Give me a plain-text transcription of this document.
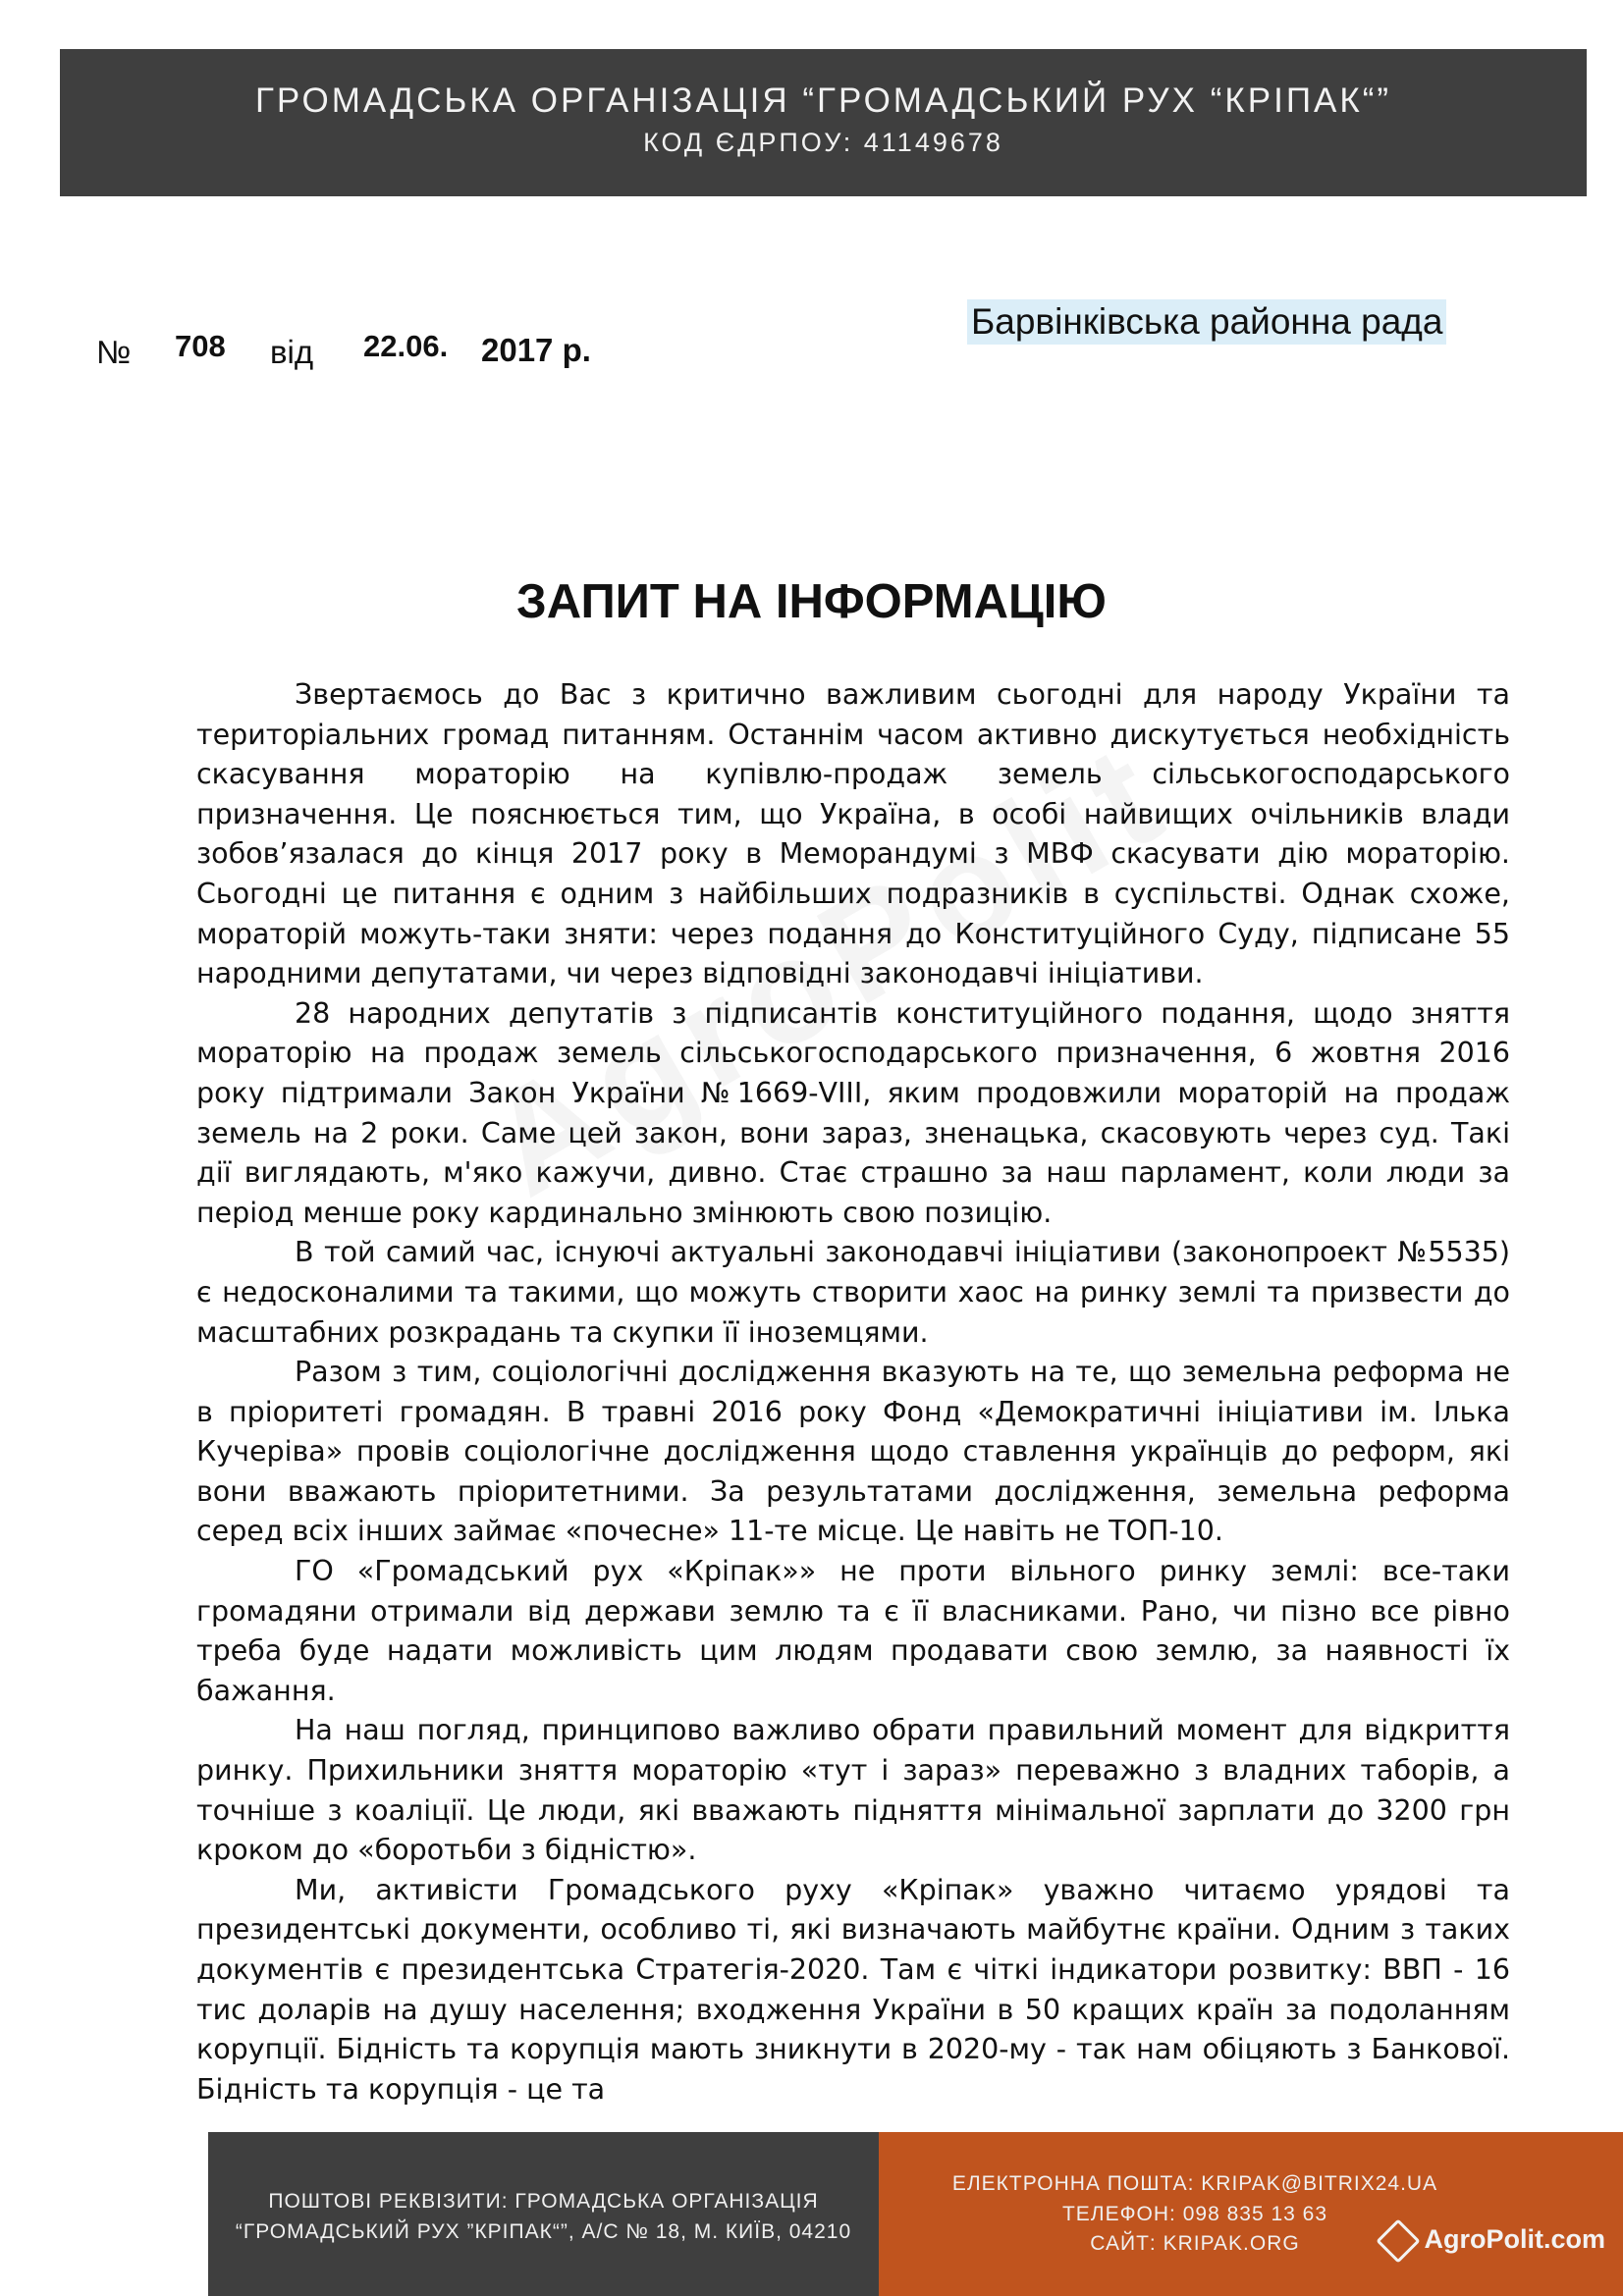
ГРОМАДСЬКА ОРГАНІЗАЦІЯ “ГРОМАДСЬКИЙ РУХ “КРІПАК“”
КОД ЄДРПОУ: 41149678
№ 708 від 22.06. 2017 р.
Барвінківська районна рада
ЗАПИТ НА ІНФОРМАЦІЮ

Звертаємось до Вас з критично важливим сьогодні для народу України та територіальних громад питанням. Останнім часом активно дискутується необхідність скасування мораторію на купівлю-продаж земель сільськогосподарського призначення. Це пояснюється тим, що Україна, в особі найвищих очільників влади зобов’язалася до кінця 2017 року в Меморандумі з МВФ скасувати дію мораторію. Сьогодні це питання є одним з найбільших подразників в суспільстві. Однак схоже, мораторій можуть-таки зняти: через подання до Конституційного Суду, підписане 55 народними депутатами, чи через відповідні законодавчі ініціативи.

28 народних депутатів з підписантів конституційного подання, щодо зняття мораторію на продаж земель сільськогосподарського призначення, 6 жовтня 2016 року підтримали Закон України №1669-VIII, яким продовжили мораторій на продаж земель на 2 роки. Саме цей закон, вони зараз, зненацька, скасовують через суд. Такі дії виглядають, м'яко кажучи, дивно. Стає страшно за наш парламент, коли люди за період менше року кардинально змінюють свою позицію.

В той самий час, існуючі актуальні законодавчі ініціативи (законопроект №5535) є недосконалими та такими, що можуть створити хаос на ринку землі та призвести до масштабних розкрадань та скупки її іноземцями.

Разом з тим, соціологічні дослідження вказують на те, що земельна реформа не в пріоритеті громадян. В травні 2016 року Фонд «Демократичні ініціативи ім. Ілька Кучеріва» провів соціологічне дослідження щодо ставлення українців до реформ, які вони вважають пріоритетними. За результатами дослідження, земельна реформа серед всіх інших займає «почесне» 11-те місце. Це навіть не ТОП-10.

ГО «Громадський рух «Кріпак»» не проти вільного ринку землі: все-таки громадяни отримали від держави землю та є її власниками. Рано, чи пізно все рівно треба буде надати можливість цим людям продавати свою землю, за наявності їх бажання.

На наш погляд, принципово важливо обрати правильний момент для відкриття ринку. Прихильники зняття мораторію «тут і зараз» переважно з владних таборів, а точніше з коаліції. Це люди, які вважають підняття мінімальної зарплати до 3200 грн кроком до «боротьби з бідністю».

Ми, активісти Громадського руху «Кріпак» уважно читаємо урядові та президентські документи, особливо ті, які визначають майбутнє країни. Одним з таких документів є президентська Стратегія-2020. Там є чіткі індикатори розвитку: ВВП - 16 тис доларів на душу населення; входження України в 50 кращих країн за подоланням корупції. Бідність та корупція мають зникнути в 2020-му - так нам обіцяють з Банкової. Бідність та корупція - це та

ПОШТОВІ РЕКВІЗИТИ: ГРОМАДСЬКА ОРГАНІЗАЦІЯ
“ГРОМАДСЬКИЙ РУХ ”КРІПАК“”, А/С № 18, М. КИЇВ, 04210
ЕЛЕКТРОННА ПОШТА: KRIPAK@BITRIX24.UA
ТЕЛЕФОН: 098 835 13 63
САЙТ: KRIPAK.ORG	AgroPolit.com
